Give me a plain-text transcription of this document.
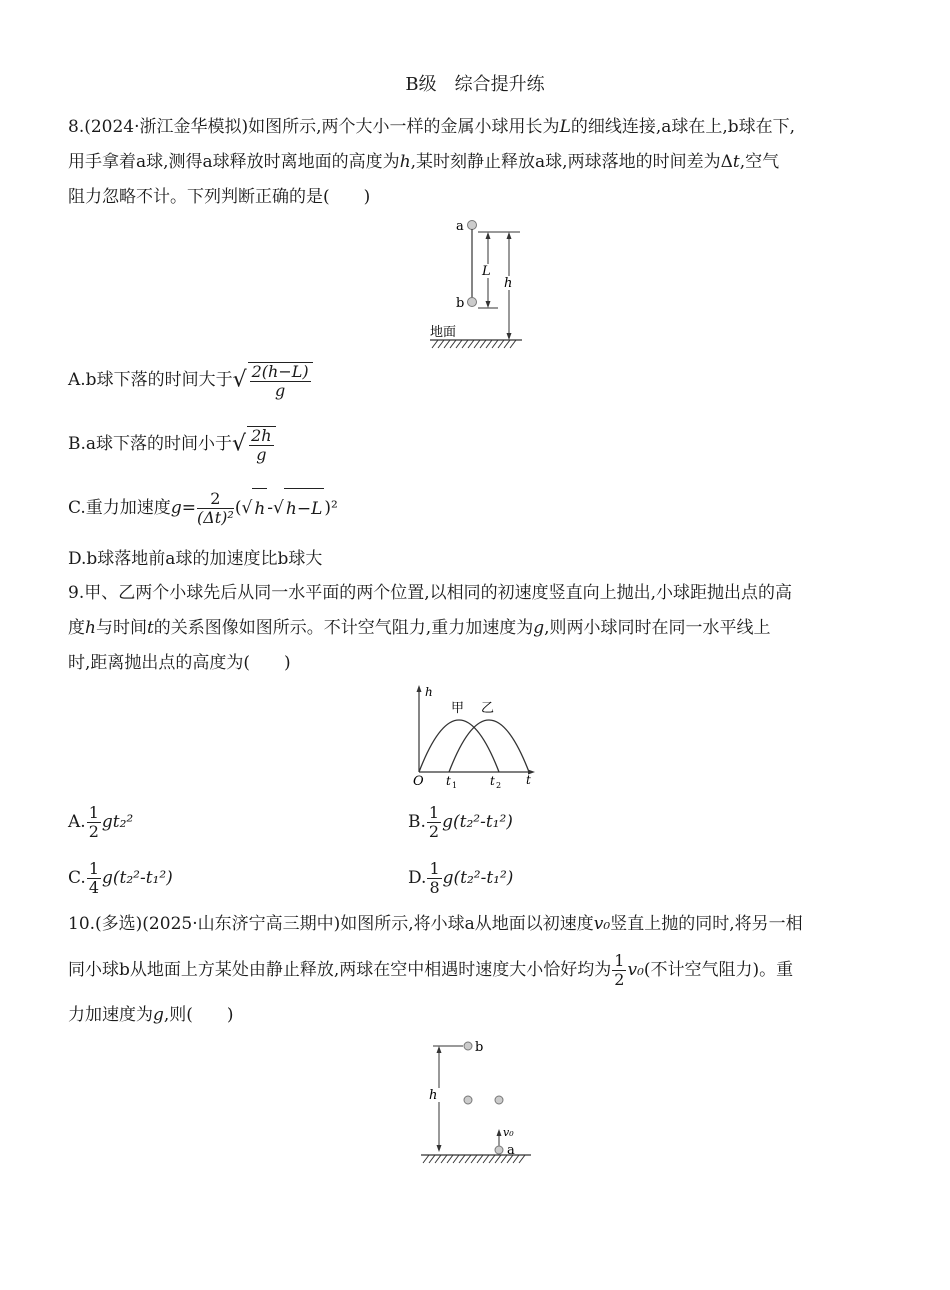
B级　综合提升练
8.(2024·浙江金华模拟)如图所示,两个大小一样的金属小球用长为L的细线连接,a球在上,b球在下,
用手拿着a球,测得a球释放时离地面的高度为h,某时刻静止释放a球,两球落地的时间差为Δt,空气
阻力忽略不计。下列判断正确的是(　　)
a
b
L
h
地面
A.b球下落的时间大于√ $\frac{2(h-L)}{g}$
B.a球下落的时间小于√ $\frac{2h}{g}$
C.重力加速度$g= \frac{2}{\text{(Δt)²}}$ (√ h -√ h−L )²
D.b球落地前a球的加速度比b球大
9.甲、乙两个小球先后从同一水平面的两个位置,以相同的初速度竖直向上抛出,小球距抛出点的高
度h与时间t的关系图像如图所示。不计空气阻力,重力加速度为g,则两小球同时在同一水平线上
时,距离抛出点的高度为(　　)
h
t
O
甲 乙
t 1	t 2
A. $\frac{1}{2} gt_2^2$	B. $\frac{1}{2} g(t_2^2-t_1^2)$
C. $\frac{1}{4} g(t_2^2-t_1^2)$	D. $\frac{1}{8} g(t_2^2-t_1^2)$
10.(多选)(2025·山东济宁高三期中)如图所示,将小球a从地面以初速度v₀竖直上抛的同时,将另一相
同小球b从地面上方某处由静止释放,两球在空中相遇时速度大小恰好均为 $\frac{1}{2} v_0$(不计空气阻力)。重
力加速度为g,则(　　)
h
b
v₀
a
